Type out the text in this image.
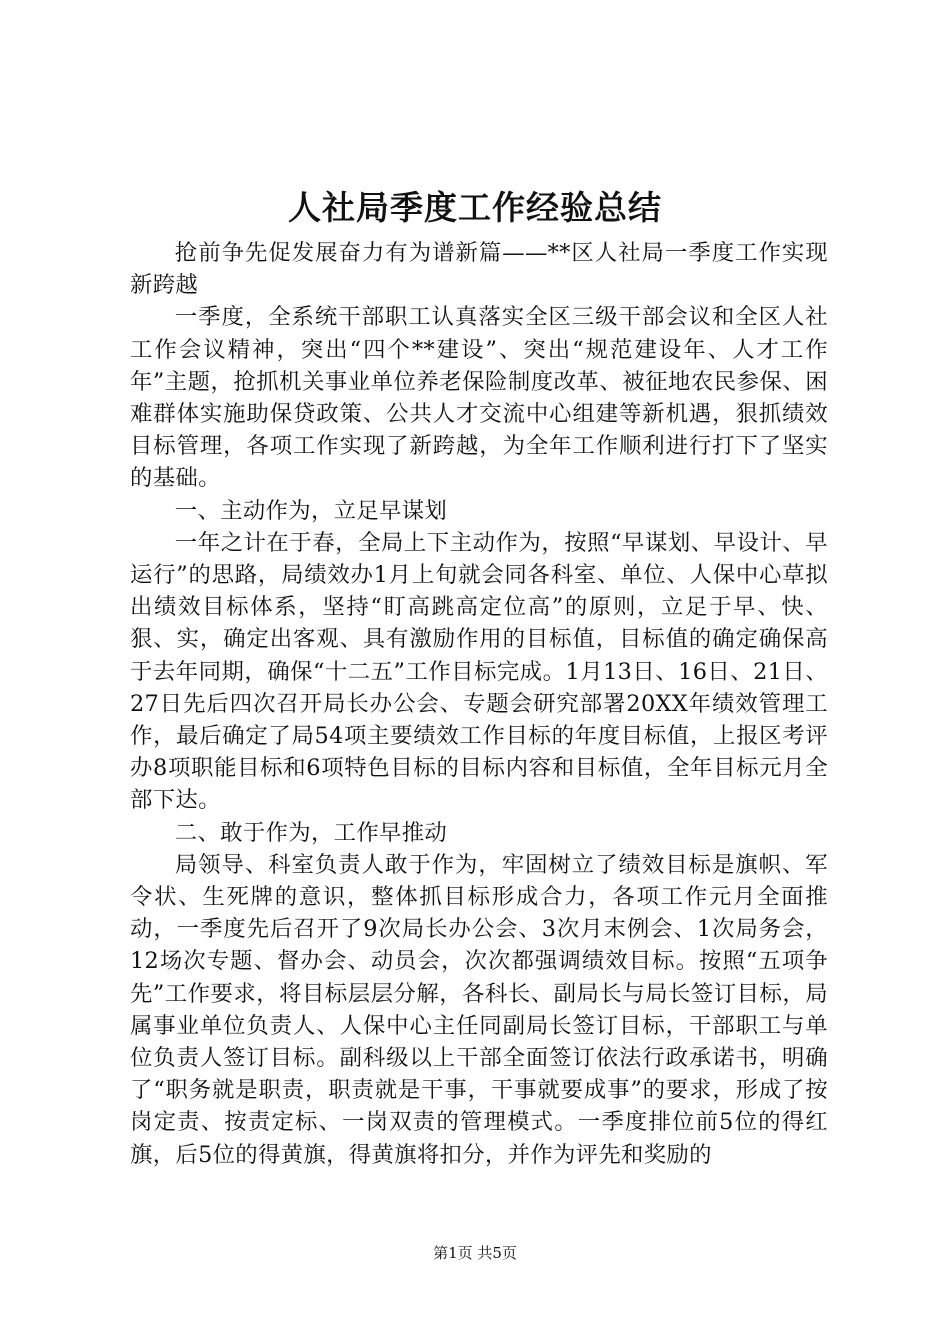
人社局季度工作经验总结

抢前争先促发展奋力有为谱新篇——**区人社局一季度工作实现新跨越

一季度，全系统干部职工认真落实全区三级干部会议和全区人社工作会议精神，突出“四个**建设”、突出“规范建设年、人才工作年”主题，抢抓机关事业单位养老保险制度改革、被征地农民参保、困难群体实施助保贷政策、公共人才交流中心组建等新机遇，狠抓绩效目标管理，各项工作实现了新跨越，为全年工作顺利进行打下了坚实的基础。

一、主动作为，立足早谋划

一年之计在于春，全局上下主动作为，按照“早谋划、早设计、早运行”的思路，局绩效办1月上旬就会同各科室、单位、人保中心草拟出绩效目标体系，坚持“盯高跳高定位高”的原则，立足于早、快、狠、实，确定出客观、具有激励作用的目标值，目标值的确定确保高于去年同期，确保“十二五”工作目标完成。1月13日、16日、21日、27日先后四次召开局长办公会、专题会研究部署20XX年绩效管理工作，最后确定了局54项主要绩效工作目标的年度目标值，上报区考评办8项职能目标和6项特色目标的目标内容和目标值，全年目标元月全部下达。

二、敢于作为，工作早推动

局领导、科室负责人敢于作为，牢固树立了绩效目标是旗帜、军令状、生死牌的意识，整体抓目标形成合力，各项工作元月全面推动，一季度先后召开了9次局长办公会、3次月末例会、1次局务会，12场次专题、督办会、动员会，次次都强调绩效目标。按照“五项争先”工作要求，将目标层层分解，各科长、副局长与局长签订目标，局属事业单位负责人、人保中心主任同副局长签订目标，干部职工与单位负责人签订目标。副科级以上干部全面签订依法行政承诺书，明确了“职务就是职责，职责就是干事，干事就要成事”的要求，形成了按岗定责、按责定标、一岗双责的管理模式。一季度排位前5位的得红旗，后5位的得黄旗，得黄旗将扣分，并作为评先和奖励的

第1页 共5页
